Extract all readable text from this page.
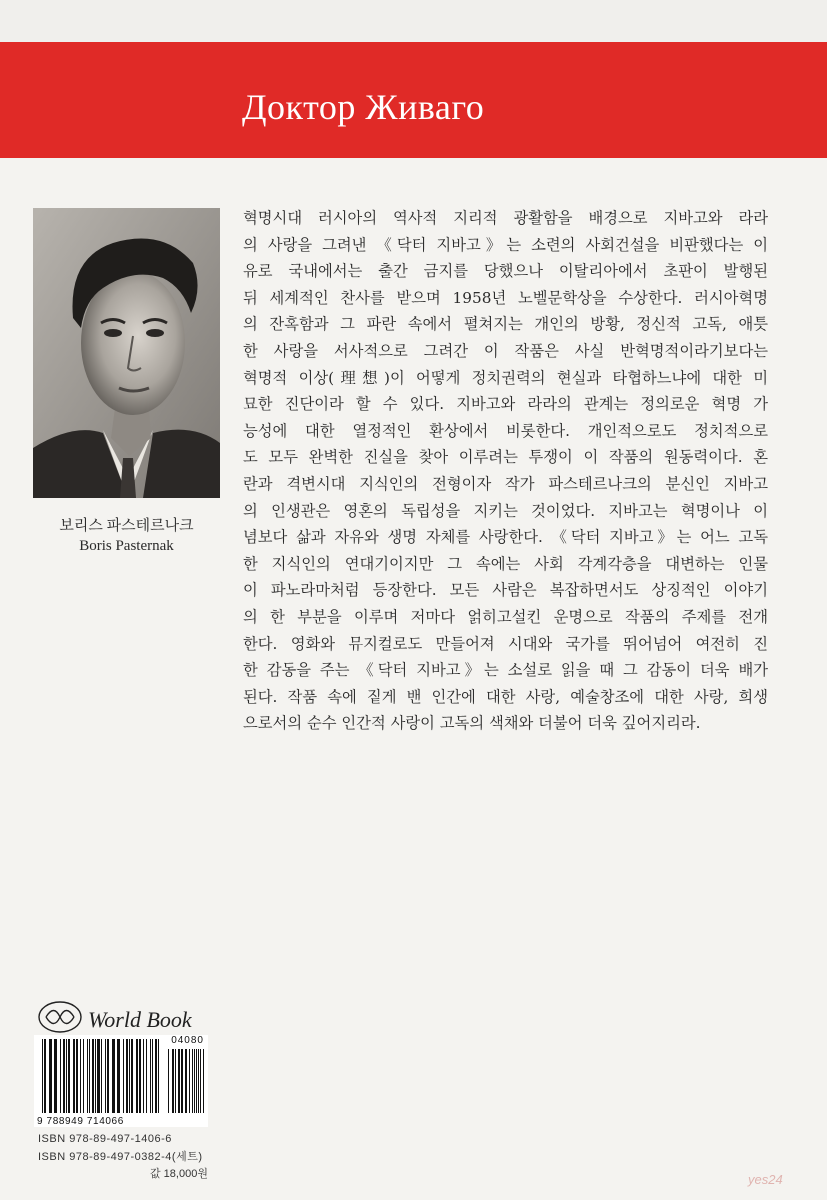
Доктор Живаго
보리스 파스테르나크
Boris Pasternak
혁명시대 러시아의 역사적 지리적 광활함을 배경으로 지바고와 라라
의 사랑을 그려낸 《닥터 지바고》는 소련의 사회건설을 비판했다는 이
유로 국내에서는 출간 금지를 당했으나 이탈리아에서 초판이 발행된
뒤 세계적인 찬사를 받으며 1958년 노벨문학상을 수상한다. 러시아혁명
의 잔혹함과 그 파란 속에서 펼쳐지는 개인의 방황, 정신적 고독, 애틋
한 사랑을 서사적으로 그려간 이 작품은 사실 반혁명적이라기보다는
혁명적 이상(理想)이 어떻게 정치권력의 현실과 타협하느냐에 대한 미
묘한 진단이라 할 수 있다. 지바고와 라라의 관계는 정의로운 혁명 가
능성에 대한 열정적인 환상에서 비롯한다. 개인적으로도 정치적으로
도 모두 완벽한 진실을 찾아 이루려는 투쟁이 이 작품의 원동력이다. 혼
란과 격변시대 지식인의 전형이자 작가 파스테르나크의 분신인 지바고
의 인생관은 영혼의 독립성을 지키는 것이었다. 지바고는 혁명이나 이
념보다 삶과 자유와 생명 자체를 사랑한다. 《닥터 지바고》는 어느 고독
한 지식인의 연대기이지만 그 속에는 사회 각계각층을 대변하는 인물
이 파노라마처럼 등장한다. 모든 사람은 복잡하면서도 상징적인 이야기
의 한 부분을 이루며 저마다 얽히고설킨 운명으로 작품의 주제를 전개
한다. 영화와 뮤지컬로도 만들어져 시대와 국가를 뛰어넘어 여전히 진
한 감동을 주는 《닥터 지바고》는 소설로 읽을 때 그 감동이 더욱 배가
된다. 작품 속에 짙게 밴 인간에 대한 사랑, 예술창조에 대한 사랑, 희생
으로서의 순수 인간적 사랑이 고독의 색채와 더불어 더욱 깊어지리라.
World Book
04080
9 788949 714066
ISBN 978-89-497-1406-6
ISBN 978-89-497-0382-4(세트)
값 18,000원	yes24
